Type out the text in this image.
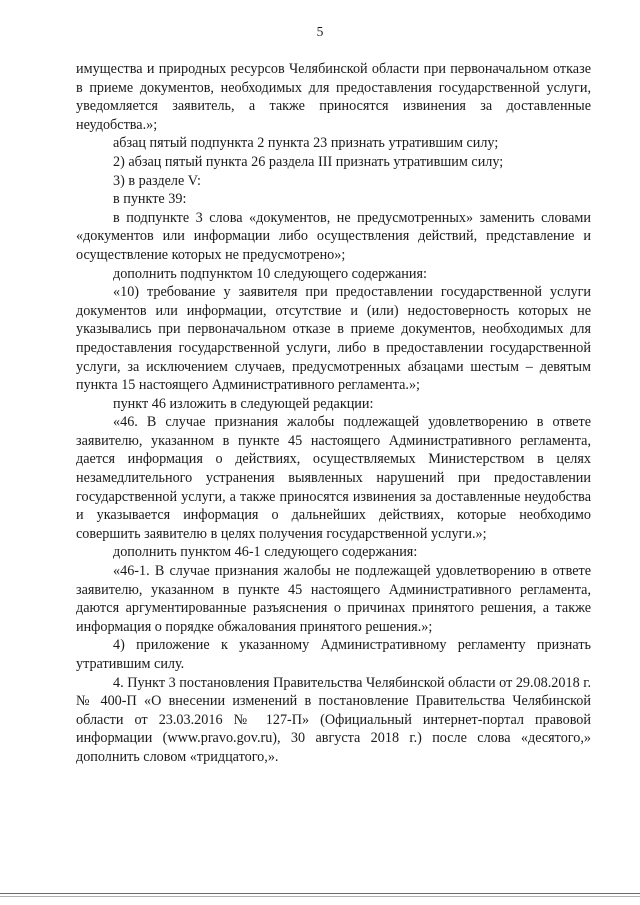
5

имущества и природных ресурсов Челябинской области при первоначальном отказе в приеме документов, необходимых для предоставления государственной услуги, уведомляется заявитель, а также приносятся извинения за доставленные неудобства.»;

абзац пятый подпункта 2 пункта 23 признать утратившим силу;

2) абзац пятый пункта 26 раздела III признать утратившим силу;

3) в разделе V:

в пункте 39:

в подпункте 3 слова «документов, не предусмотренных» заменить словами «документов или информации либо осуществления действий, представление и осуществление которых не предусмотрено»;

дополнить подпунктом 10 следующего содержания:

«10) требование у заявителя при предоставлении государственной услуги документов или информации, отсутствие и (или) недостоверность которых не указывались при первоначальном отказе в приеме документов, необходимых для предоставления государственной услуги, либо в предоставлении государственной услуги, за исключением случаев, предусмотренных абзацами шестым – девятым пункта 15 настоящего Административного регламента.»;

пункт 46 изложить в следующей редакции:

«46. В случае признания жалобы подлежащей удовлетворению в ответе заявителю, указанном в пункте 45 настоящего Административного регламента, дается информация о действиях, осуществляемых Министерством в целях незамедлительного устранения выявленных нарушений при предоставлении государственной услуги, а также приносятся извинения за доставленные неудобства и указывается информация о дальнейших действиях, которые необходимо совершить заявителю в целях получения государственной услуги.»;

дополнить пунктом 46-1 следующего содержания:

«46-1. В случае признания жалобы не подлежащей удовлетворению в ответе заявителю, указанном в пункте 45 настоящего Административного регламента, даются аргументированные разъяснения о причинах принятого решения, а также информация о порядке обжалования принятого решения.»;

4) приложение к указанному Административному регламенту признать утратившим силу.

4. Пункт 3 постановления Правительства Челябинской области от 29.08.2018 г. № 400-П «О внесении изменений в постановление Правительства Челябинской области от 23.03.2016 № 127-П» (Официальный интернет-портал правовой информации (www.pravo.gov.ru), 30 августа 2018 г.) после слова «десятого,» дополнить словом «тридцатого,».
